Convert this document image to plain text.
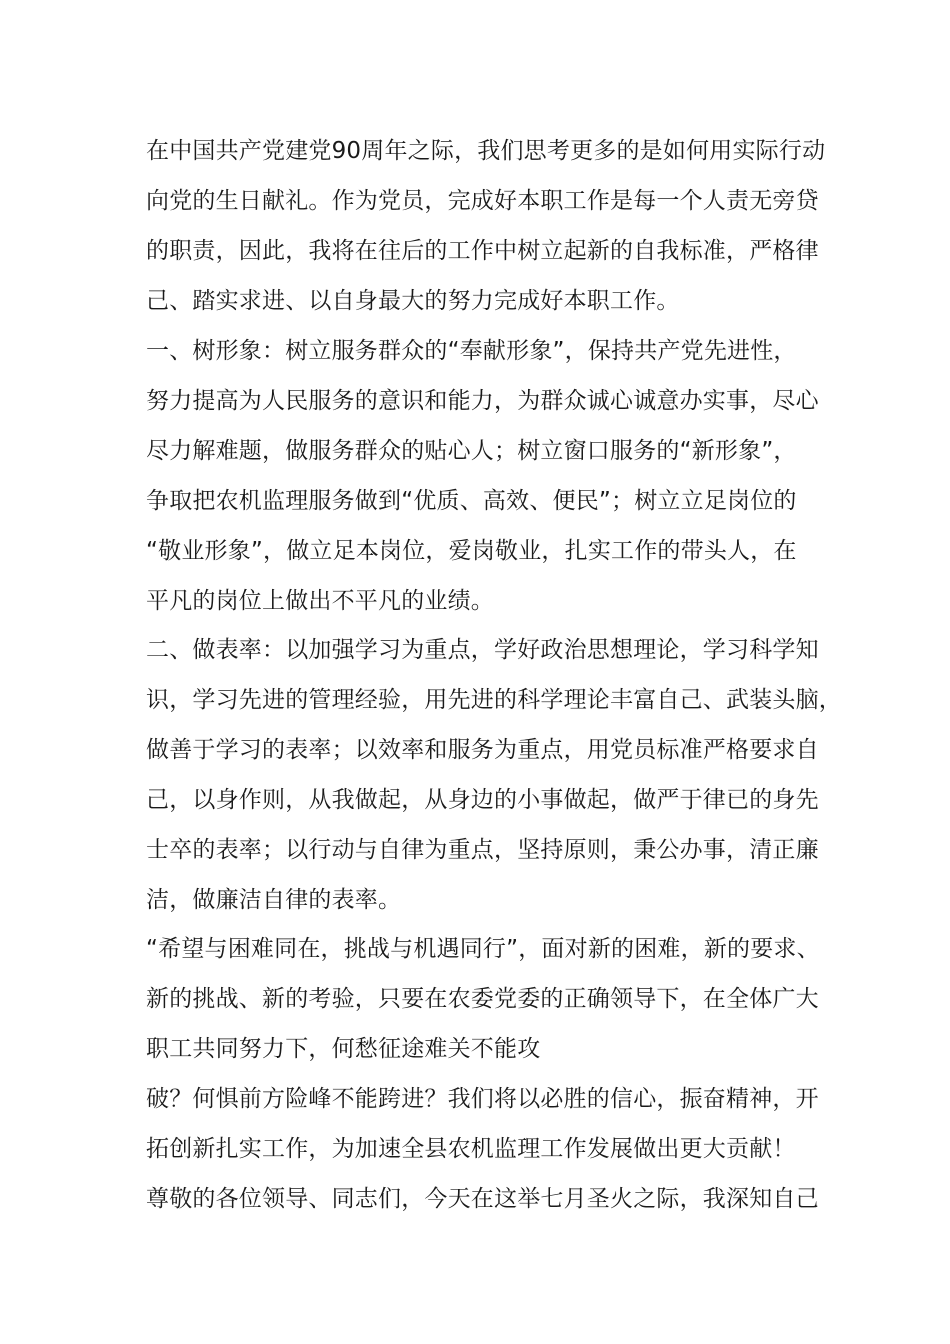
在中国共产党建党90周年之际，我们思考更多的是如何用实际行动
向党的生日献礼。作为党员，完成好本职工作是每一个人责无旁贷
的职责，因此，我将在往后的工作中树立起新的自我标准，严格律
己、踏实求进、以自身最大的努力完成好本职工作。
一、树形象：树立服务群众的“奉献形象”，保持共产党先进性，
努力提高为人民服务的意识和能力，为群众诚心诚意办实事，尽心
尽力解难题，做服务群众的贴心人；树立窗口服务的“新形象”，
争取把农机监理服务做到“优质、高效、便民”；树立立足岗位的
“敬业形象”，做立足本岗位，爱岗敬业，扎实工作的带头人，在
平凡的岗位上做出不平凡的业绩。
二、做表率：以加强学习为重点，学好政治思想理论，学习科学知
识，学习先进的管理经验，用先进的科学理论丰富自己、武装头脑，
做善于学习的表率；以效率和服务为重点，用党员标准严格要求自
己，以身作则，从我做起，从身边的小事做起，做严于律已的身先
士卒的表率；以行动与自律为重点，坚持原则，秉公办事，清正廉
洁，做廉洁自律的表率。
“希望与困难同在，挑战与机遇同行”，面对新的困难，新的要求、
新的挑战、新的考验，只要在农委党委的正确领导下，在全体广大
职工共同努力下，何愁征途难关不能攻
破？何惧前方险峰不能跨进？我们将以必胜的信心，振奋精神，开
拓创新扎实工作，为加速全县农机监理工作发展做出更大贡献！
尊敬的各位领导、同志们，今天在这举七月圣火之际，我深知自己
